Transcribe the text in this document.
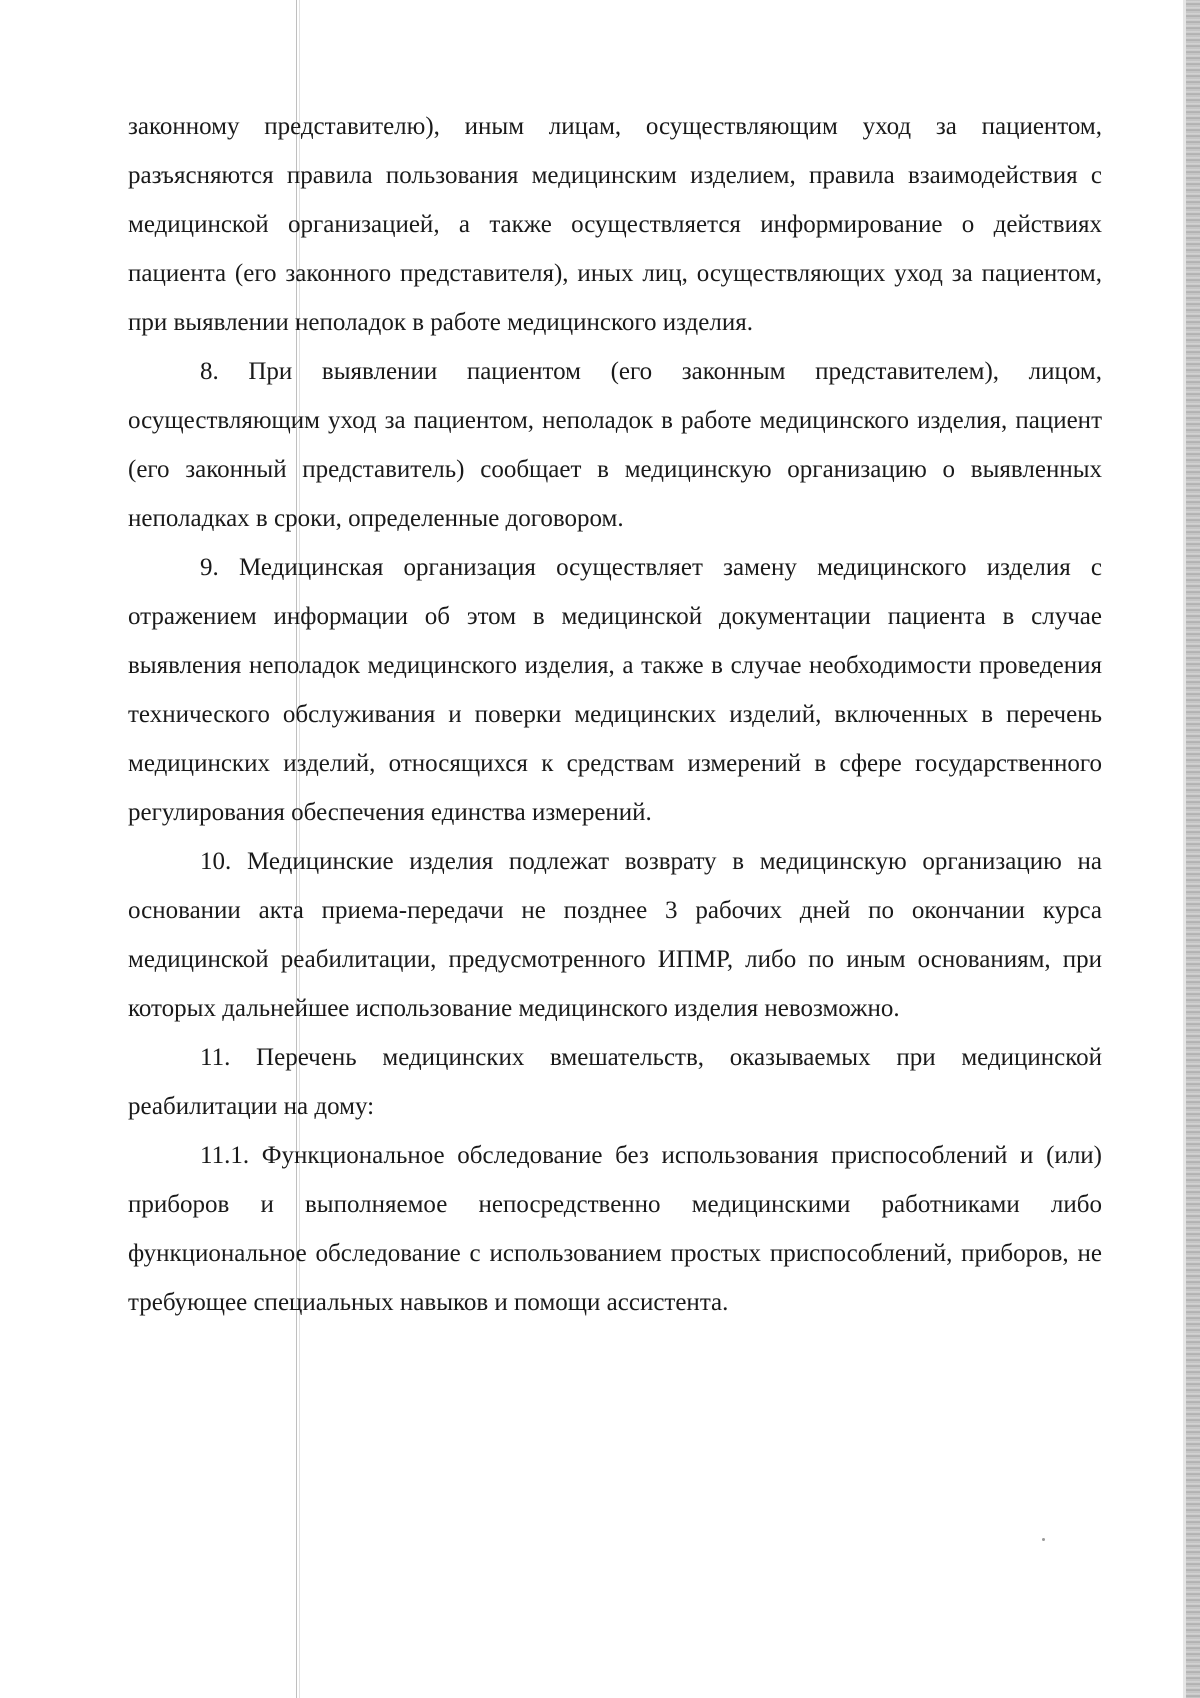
законному представителю), иным лицам, осуществляющим уход за пациентом, разъясняются правила пользования медицинским изделием, правила взаимодействия с медицинской организацией, а также осуществляется информирование о действиях пациента (его законного представителя), иных лиц, осуществляющих уход за пациентом, при выявлении неполадок в работе медицинского изделия.

8. При выявлении пациентом (его законным представителем), лицом, осуществляющим уход за пациентом, неполадок в работе медицинского изделия, пациент (его законный представитель) сообщает в медицинскую организацию о выявленных неполадках в сроки, определенные договором.

9. Медицинская организация осуществляет замену медицинского изделия с отражением информации об этом в медицинской документации пациента в случае выявления неполадок медицинского изделия, а также в случае необходимости проведения технического обслуживания и поверки медицинских изделий, включенных в перечень медицинских изделий, относящихся к средствам измерений в сфере государственного регулирования обеспечения единства измерений.

10. Медицинские изделия подлежат возврату в медицинскую организацию на основании акта приема-передачи не позднее 3 рабочих дней по окончании курса медицинской реабилитации, предусмотренного ИПМР, либо по иным основаниям, при которых дальнейшее использование медицинского изделия невозможно.

11. Перечень медицинских вмешательств, оказываемых при медицинской реабилитации на дому:

11.1. Функциональное обследование без использования приспособлений и (или) приборов и выполняемое непосредственно медицинскими работниками либо функциональное обследование с использованием простых приспособлений, приборов, не требующее специальных навыков и помощи ассистента.
